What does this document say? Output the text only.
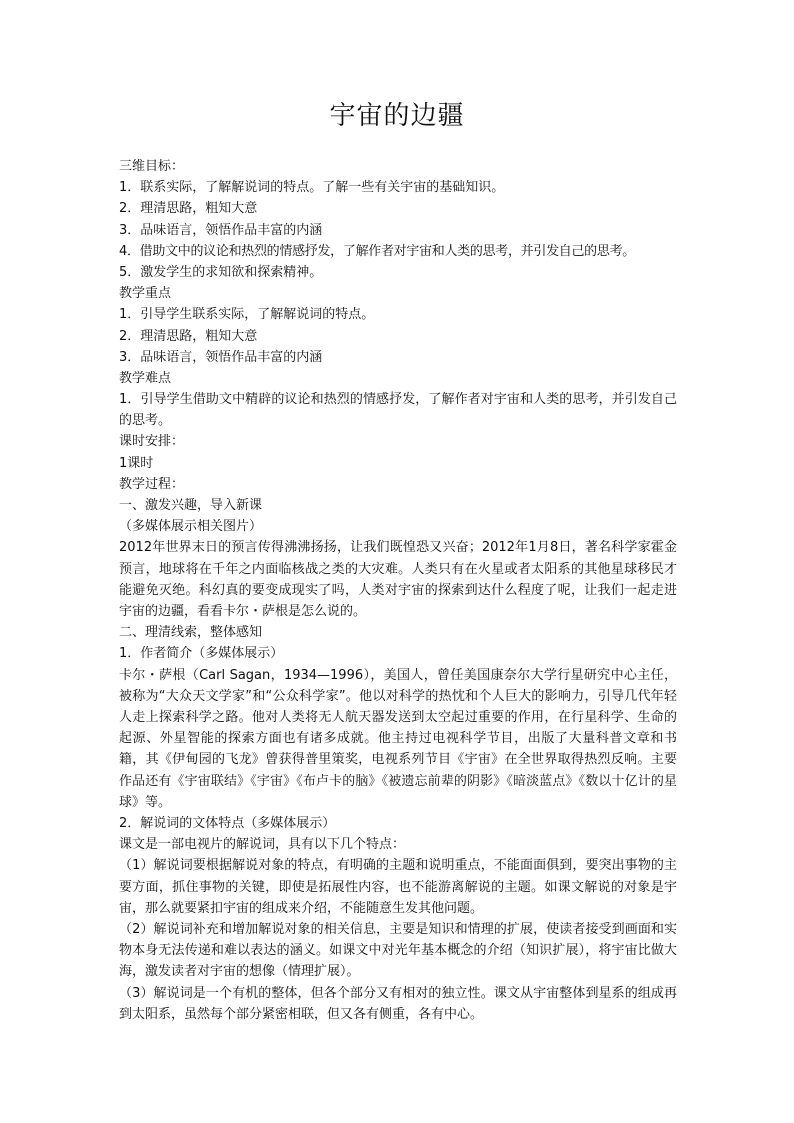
宇宙的边疆
三维目标：
1．联系实际，了解解说词的特点。了解一些有关宇宙的基础知识。
2．理清思路，粗知大意
3．品味语言，领悟作品丰富的内涵
4．借助文中的议论和热烈的情感抒发，了解作者对宇宙和人类的思考，并引发自己的思考。
5．激发学生的求知欲和探索精神。
教学重点
1．引导学生联系实际，了解解说词的特点。
2．理清思路，粗知大意
3．品味语言，领悟作品丰富的内涵
教学难点
1．引导学生借助文中精辟的议论和热烈的情感抒发，了解作者对宇宙和人类的思考，并引发自己的思考。
课时安排：
1课时
教学过程：
一、激发兴趣，导入新课
（多媒体展示相关图片）
2012年世界末日的预言传得沸沸扬扬，让我们既惶恐又兴奋；2012年1月8日，著名科学家霍金预言，地球将在千年之内面临核战之类的大灾难。人类只有在火星或者太阳系的其他星球移民才能避免灭绝。科幻真的要变成现实了吗，人类对宇宙的探索到达什么程度了呢，让我们一起走进宇宙的边疆，看看卡尔・萨根是怎么说的。
二、理清线索，整体感知
1．作者简介（多媒体展示）
卡尔・萨根（Carl Sagan，1934—1996），美国人，曾任美国康奈尔大学行星研究中心主任，被称为“大众天文学家”和“公众科学家”。他以对科学的热忱和个人巨大的影响力，引导几代年轻人走上探索科学之路。他对人类将无人航天器发送到太空起过重要的作用，在行星科学、生命的起源、外星智能的探索方面也有诸多成就。他主持过电视科学节目，出版了大量科普文章和书籍，其《伊甸园的飞龙》曾获得普里策奖，电视系列节目《宇宙》在全世界取得热烈反响。主要作品还有《宇宙联结》《宇宙》《布卢卡的脑》《被遗忘前辈的阴影》《暗淡蓝点》《数以十亿计的星球》等。
2．解说词的文体特点（多媒体展示）
课文是一部电视片的解说词，具有以下几个特点：
（1）解说词要根据解说对象的特点，有明确的主题和说明重点，不能面面俱到，要突出事物的主要方面，抓住事物的关键，即使是拓展性内容，也不能游离解说的主题。如课文解说的对象是宇宙，那么就要紧扣宇宙的组成来介绍，不能随意生发其他问题。
（2）解说词补充和增加解说对象的相关信息，主要是知识和情理的扩展，使读者接受到画面和实物本身无法传递和难以表达的涵义。如课文中对光年基本概念的介绍（知识扩展），将宇宙比做大海，激发读者对宇宙的想像（情理扩展）。
（3）解说词是一个有机的整体，但各个部分又有相对的独立性。课文从宇宙整体到星系的组成再到太阳系，虽然每个部分紧密相联，但又各有侧重，各有中心。
